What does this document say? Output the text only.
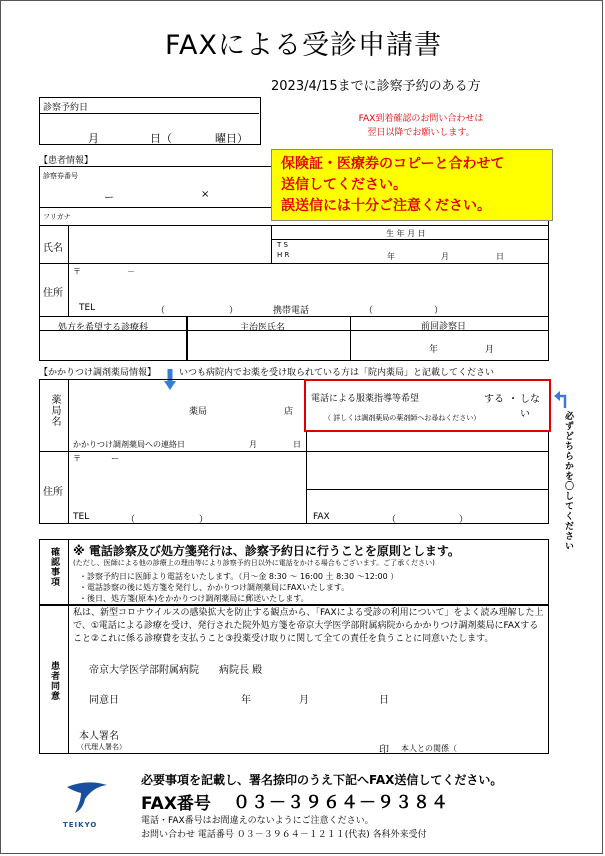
FAXによる受診申請書
2023/4/15までに診察予約のある方
診察予約日
月	日（	曜日）
FAX到着確認のお問い合わせは
翌日以降でお願いします。
【患者情報】
診察券番号
ー	×
フリガナ
氏名
生 年 月 日
T S
H R	年	月	日
住所
〒	－
TEL	（	）	携帯電話	（	）
処方を希望する診療科	主治医氏名	前回診察日
年	月
保険証・医療券のコピーと合わせて
送信してください。
誤送信には十分ご注意ください。
【かかりつけ調剤薬局情報】	いつも病院内でお薬を受け取られている方は「院内薬局」と記載してください
薬局名	薬局	店
かかりつけ調剤薬局への連絡日	月	日
電話による服薬指導等希望	する ・ しない
（ 詳しくは調剤薬局の薬剤師へお尋ねください）	必ずどちらかを〇してください
住所
〒	ー
TEL	（	）	FAX	（	）
確認事項 ※ 電話診察及び処方箋発行は、診察予約日に行うことを原則とします。
(ただし、医師による他の診療上の理由等により診察予約日以外に電話をかける場合もございます。ご了承ください)
・診察予約日に医師より電話をいたします。（月～金 8:30 ～ 16:00 土 8:30 ～12:00 ）
・電話診察の後に処方箋を発行し、かかりつけ調剤薬局にFAXいたします。
・後日、処方箋(原本)をかかりつけ調剤薬局に郵送いたします。
患者同意
私は、新型コロナウイルスの感染拡大を防止する観点から、「FAXによる受診の利用について」をよく読み理解した上で、①電話による診療を受け、発行された院外処方箋を帝京大学医学部附属病院からかかりつけ調剤薬局にFAXすること②これに係る診療費を支払うこと③投薬受け取りに関して全ての責任を負うことに同意いたします。
帝京大学医学部附属病院　　病院長 殿
同意日	年	月	日
本人署名
（代理人署名）	印 本人との関係（
TEIKYO
必要事項を記載し、署名捺印のうえ下記へFAX送信してください。
FAX番号 ０３－３９６４－９３８４
電話・FAX番号はお間違えのないようにご注意ください。
お問い合わせ 電話番号 ０３－３９６４－１２１１(代表) 各科外来受付
